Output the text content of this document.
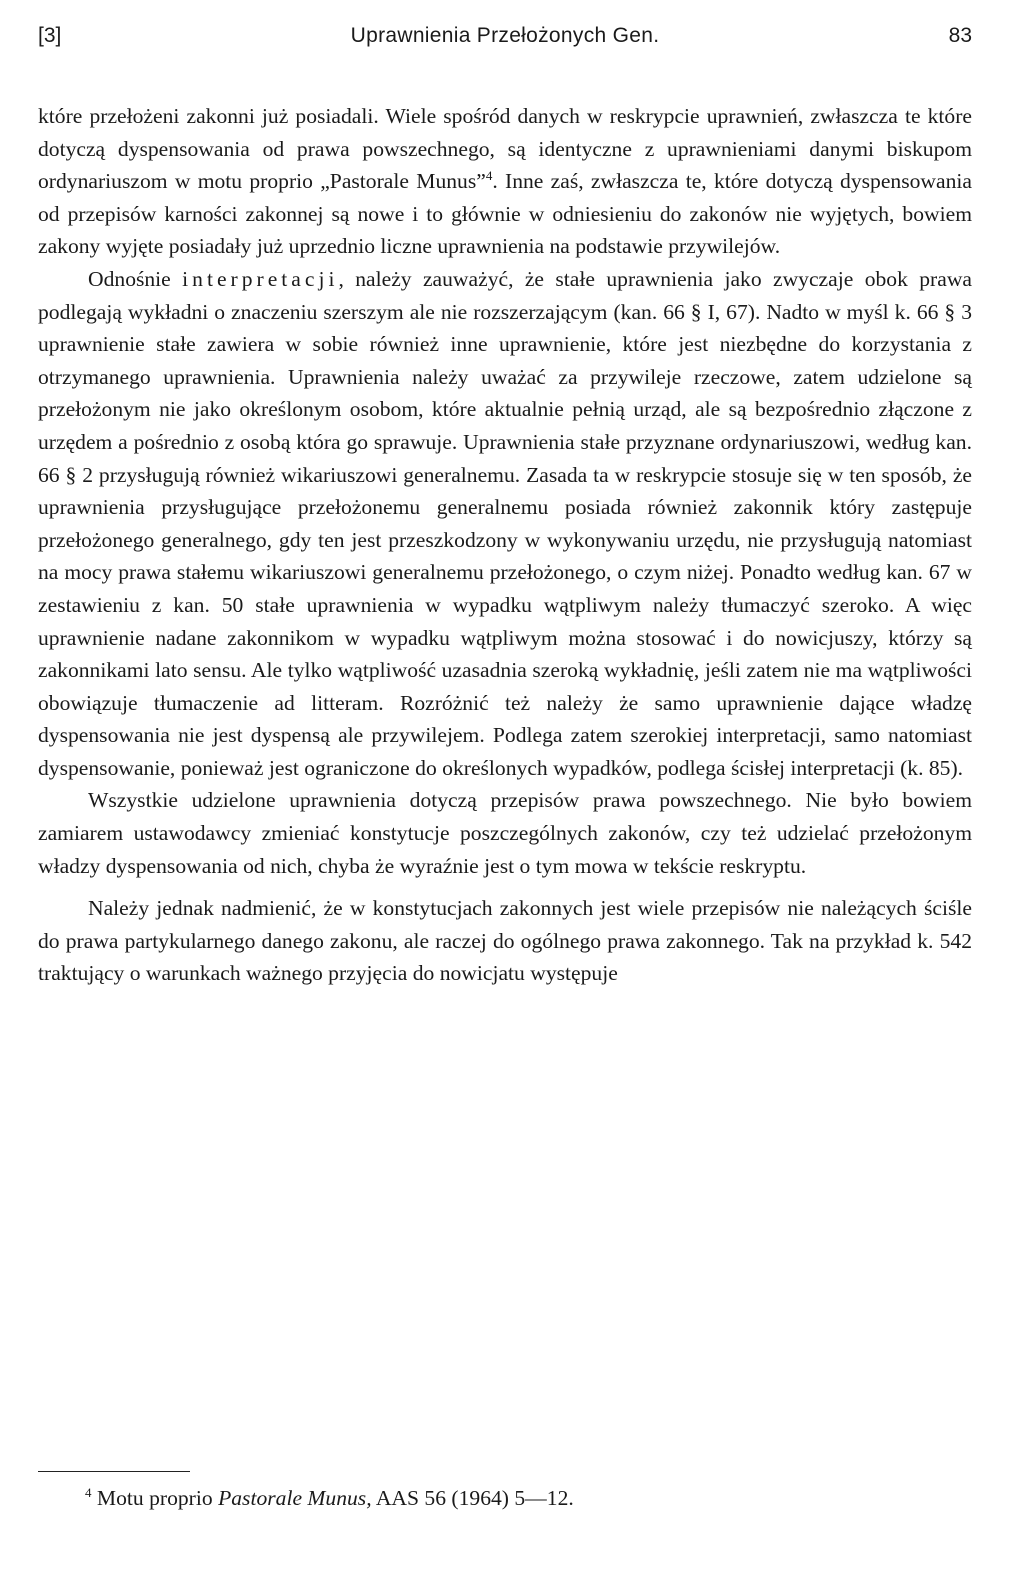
[3]	Uprawnienia Przełożonych Gen.	83

które przełożeni zakonni już posiadali. Wiele spośród danych w reskrypcie uprawnień, zwłaszcza te które dotyczą dyspensowania od prawa powszechnego, są identyczne z uprawnieniami danymi biskupom ordynariuszom w motu proprio „Pastorale Munus”$^4$. Inne zaś, zwłaszcza te, które dotyczą dyspensowania od przepisów karności zakonnej są nowe i to głównie w odniesieniu do zakonów nie wyjętych, bowiem zakony wyjęte posiadały już uprzednio liczne uprawnienia na podstawie przywilejów.

Odnośnie interpretacji, należy zauważyć, że stałe uprawnienia jako zwyczaje obok prawa podlegają wykładni o znaczeniu szerszym ale nie rozszerzającym (kan. 66 § I, 67). Nadto w myśl k. 66 § 3 uprawnienie stałe zawiera w sobie również inne uprawnienie, które jest niezbędne do korzystania z otrzymanego uprawnienia. Uprawnienia należy uważać za przywileje rzeczowe, zatem udzielone są przełożonym nie jako określonym osobom, które aktualnie pełnią urząd, ale są bezpośrednio złączone z urzędem a pośrednio z osobą która go sprawuje. Uprawnienia stałe przyznane ordynariuszowi, według kan. 66 § 2 przysługują również wikariuszowi generalnemu. Zasada ta w reskrypcie stosuje się w ten sposób, że uprawnienia przysługujące przełożonemu generalnemu posiada również zakonnik który zastępuje przełożonego generalnego, gdy ten jest przeszkodzony w wykonywaniu urzędu, nie przysługują natomiast na mocy prawa stałemu wikariuszowi generalnemu przełożonego, o czym niżej. Ponadto według kan. 67 w zestawieniu z kan. 50 stałe uprawnienia w wypadku wątpliwym należy tłumaczyć szeroko. A więc uprawnienie nadane zakonnikom w wypadku wątpliwym można stosować i do nowicjuszy, którzy są zakonnikami lato sensu. Ale tylko wątpliwość uzasadnia szeroką wykładnię, jeśli zatem nie ma wątpliwości obowiązuje tłumaczenie ad litteram. Rozróżnić też należy że samo uprawnienie dające władzę dyspensowania nie jest dyspensą ale przywilejem. Podlega zatem szerokiej interpretacji, samo natomiast dyspensowanie, ponieważ jest ograniczone do określonych wypadków, podlega ścisłej interpretacji (k. 85).

Wszystkie udzielone uprawnienia dotyczą przepisów prawa powszechnego. Nie było bowiem zamiarem ustawodawcy zmieniać konstytucje poszczególnych zakonów, czy też udzielać przełożonym władzy dyspensowania od nich, chyba że wyraźnie jest o tym mowa w tekście reskryptu.

Należy jednak nadmienić, że w konstytucjach zakonnych jest wiele przepisów nie należących ściśle do prawa partykularnego danego zakonu, ale raczej do ogólnego prawa zakonnego. Tak na przykład k. 542 traktujący o warunkach ważnego przyjęcia do nowicjatu występuje

$^4$ Motu proprio Pastorale Munus, AAS 56 (1964) 5—12.
